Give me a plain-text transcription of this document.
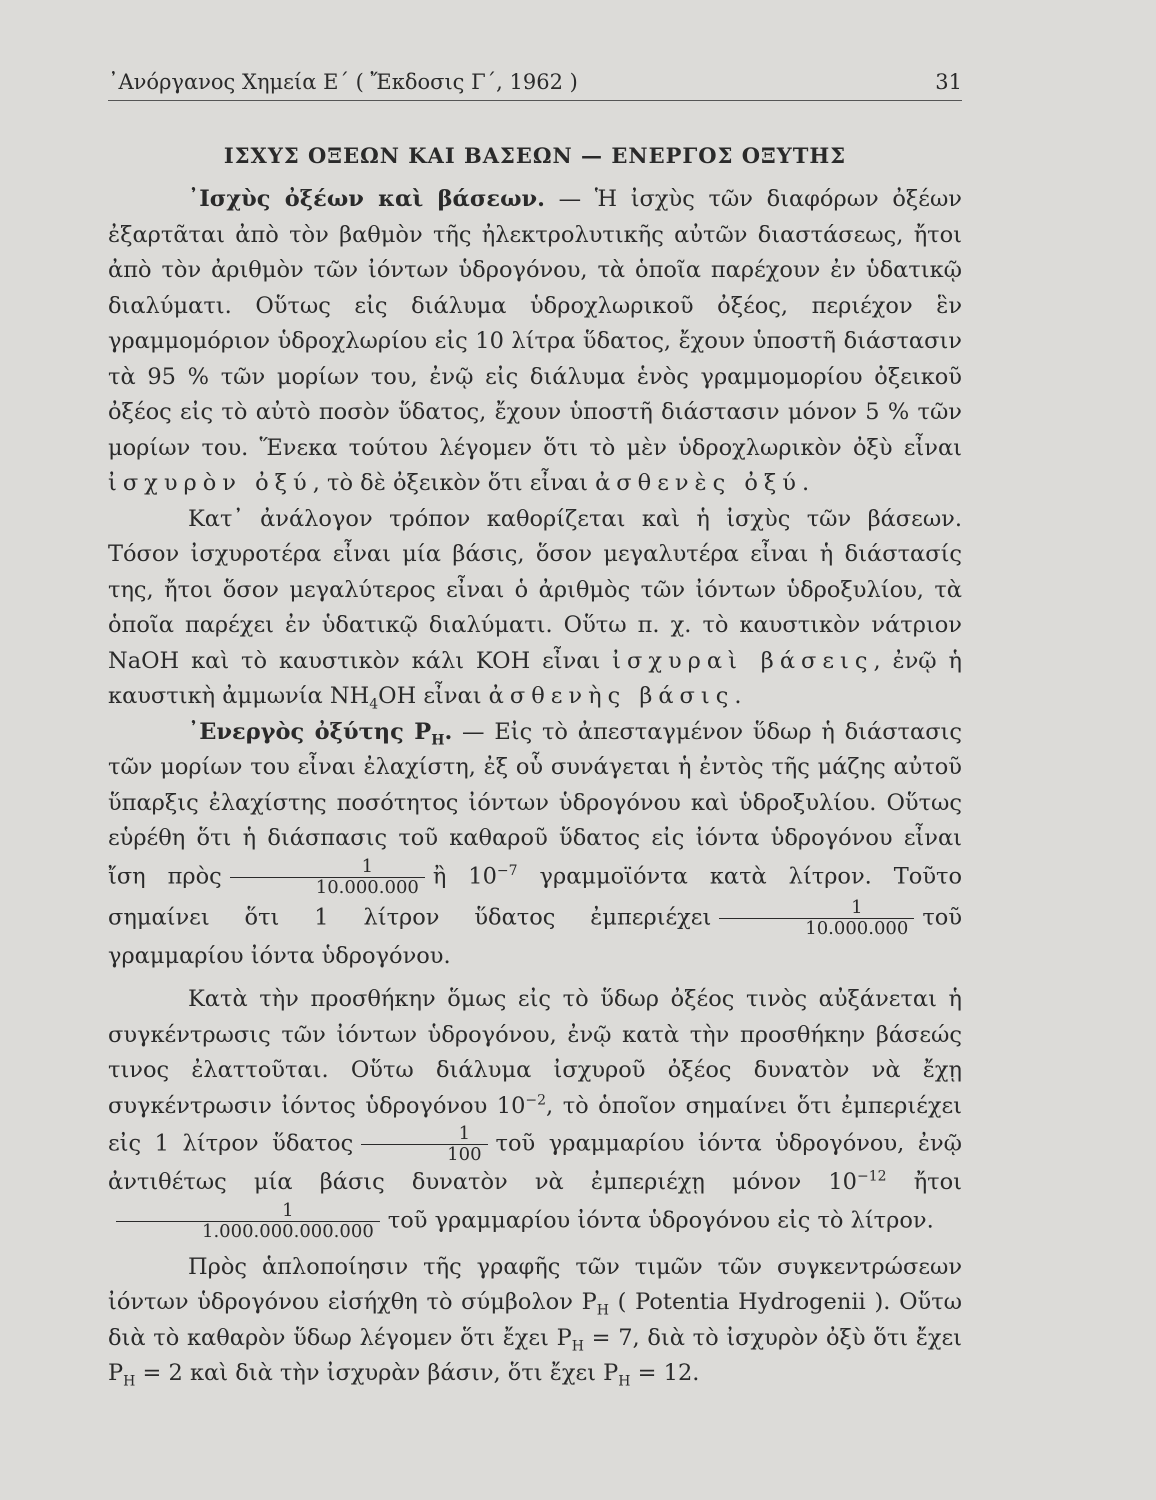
᾿Ανόργανος Χημεία Ε΄ ( Ἔκδοσις Γ΄, 1962 )	31
ΙΣΧΥΣ ΟΞΕΩΝ ΚΑΙ ΒΑΣΕΩΝ — ΕΝΕΡΓΟΣ ΟΞΥΤΗΣ

᾿Ισχὺς ὀξέων καὶ βάσεων. — Ἡ ἰσχὺς τῶν διαφόρων ὀξέων ἐξαρτᾶται ἀπὸ τὸν βαθμὸν τῆς ἠλεκτρολυτικῆς αὐτῶν διαστάσεως, ἤτοι ἀπὸ τὸν ἀριθμὸν τῶν ἰόντων ὑδρογόνου, τὰ ὁποῖα παρέχουν ἐν ὑδατικῷ διαλύματι. Οὕτως εἰς διάλυμα ὑδροχλωρικοῦ ὀξέος, περιέχον ἓν γραμμομόριον ὑδροχλωρίου εἰς 10 λίτρα ὕδατος, ἔχουν ὑποστῆ διάστασιν τὰ 95 % τῶν μορίων του, ἐνῷ εἰς διάλυμα ἑνὸς γραμμομορίου ὀξεικοῦ ὀξέος εἰς τὸ αὐτὸ ποσὸν ὕδατος, ἔχουν ὑποστῆ διάστασιν μόνον 5 % τῶν μορίων του. Ἕνεκα τούτου λέγομεν ὅτι τὸ μὲν ὑδροχλωρικὸν ὀξὺ εἶναι ἰσχυρὸν ὀξύ, τὸ δὲ ὀξεικὸν ὅτι εἶναι ἀσθενὲς ὀξύ.

Κατ᾿ ἀνάλογον τρόπον καθορίζεται καὶ ἡ ἰσχὺς τῶν βάσεων. Τόσον ἰσχυροτέρα εἶναι μία βάσις, ὅσον μεγαλυτέρα εἶναι ἡ διάστασίς της, ἤτοι ὅσον μεγαλύτερος εἶναι ὁ ἀριθμὸς τῶν ἰόντων ὑδροξυλίου, τὰ ὁποῖα παρέχει ἐν ὑδατικῷ διαλύματι. Οὕτω π. χ. τὸ καυστικὸν νάτριον NaOH καὶ τὸ καυστικὸν κάλι KOH εἶναι ἰσχυραὶ βάσεις, ἐνῷ ἡ καυστικὴ ἀμμωνία $NH_4OH$ εἶναι ἀσθενὴς βάσις.

᾿Ενεργὸς ὀξύτης $P_H$. — Εἰς τὸ ἀπεσταγμένον ὕδωρ ἡ διάστασις τῶν μορίων του εἶναι ἐλαχίστη, ἐξ οὗ συνάγεται ἡ ἐντὸς τῆς μάζης αὐτοῦ ὕπαρξις ἐλαχίστης ποσότητος ἰόντων ὑδρογόνου καὶ ὑδροξυλίου. Οὕτως εὑρέθη ὅτι ἡ διάσπασις τοῦ καθαροῦ ὕδατος εἰς ἰόντα ὑδρογόνου εἶναι ἴση πρὸς $\frac{1}{10.000.000}$ ἢ $10^{-7}$ γραμμοϊόντα κατὰ λίτρον. Τοῦτο σημαίνει ὅτι 1 λίτρον ὕδατος ἐμπεριέχει $\frac{1}{10.000.000}$ τοῦ γραμμαρίου ἰόντα ὑδρογόνου.

Κατὰ τὴν προσθήκην ὅμως εἰς τὸ ὕδωρ ὀξέος τινὸς αὐξάνεται ἡ συγκέντρωσις τῶν ἰόντων ὑδρογόνου, ἐνῷ κατὰ τὴν προσθήκην βάσεώς τινος ἐλαττοῦται. Οὕτω διάλυμα ἰσχυροῦ ὀξέος δυνατὸν νὰ ἔχῃ συγκέντρωσιν ἰόντος ὑδρογόνου $10^{-2}$, τὸ ὁποῖον σημαίνει ὅτι ἐμπεριέχει εἰς 1 λίτρον ὕδατος $\frac{1}{100}$ τοῦ γραμμαρίου ἰόντα ὑδρογόνου, ἐνῷ ἀντιθέτως μία βάσις δυνατὸν νὰ ἐμπεριέχῃ μόνον $10^{-12}$ ἤτοι
$\frac{1}{1.000.000.000.000}$ τοῦ γραμμαρίου ἰόντα ὑδρογόνου εἰς τὸ λίτρον.

Πρὸς ἁπλοποίησιν τῆς γραφῆς τῶν τιμῶν τῶν συγκεντρώσεων ἰόντων ὑδρογόνου εἰσήχθη τὸ σύμβολον $P_H$ ( Potentia Hydrogenii ). Οὕτω διὰ τὸ καθαρὸν ὕδωρ λέγομεν ὅτι ἔχει $P_H = 7$, διὰ τὸ ἰσχυρὸν ὀξὺ ὅτι ἔχει $P_H = 2$ καὶ διὰ τὴν ἰσχυρὰν βάσιν, ὅτι ἔχει $P_H = 12$.
